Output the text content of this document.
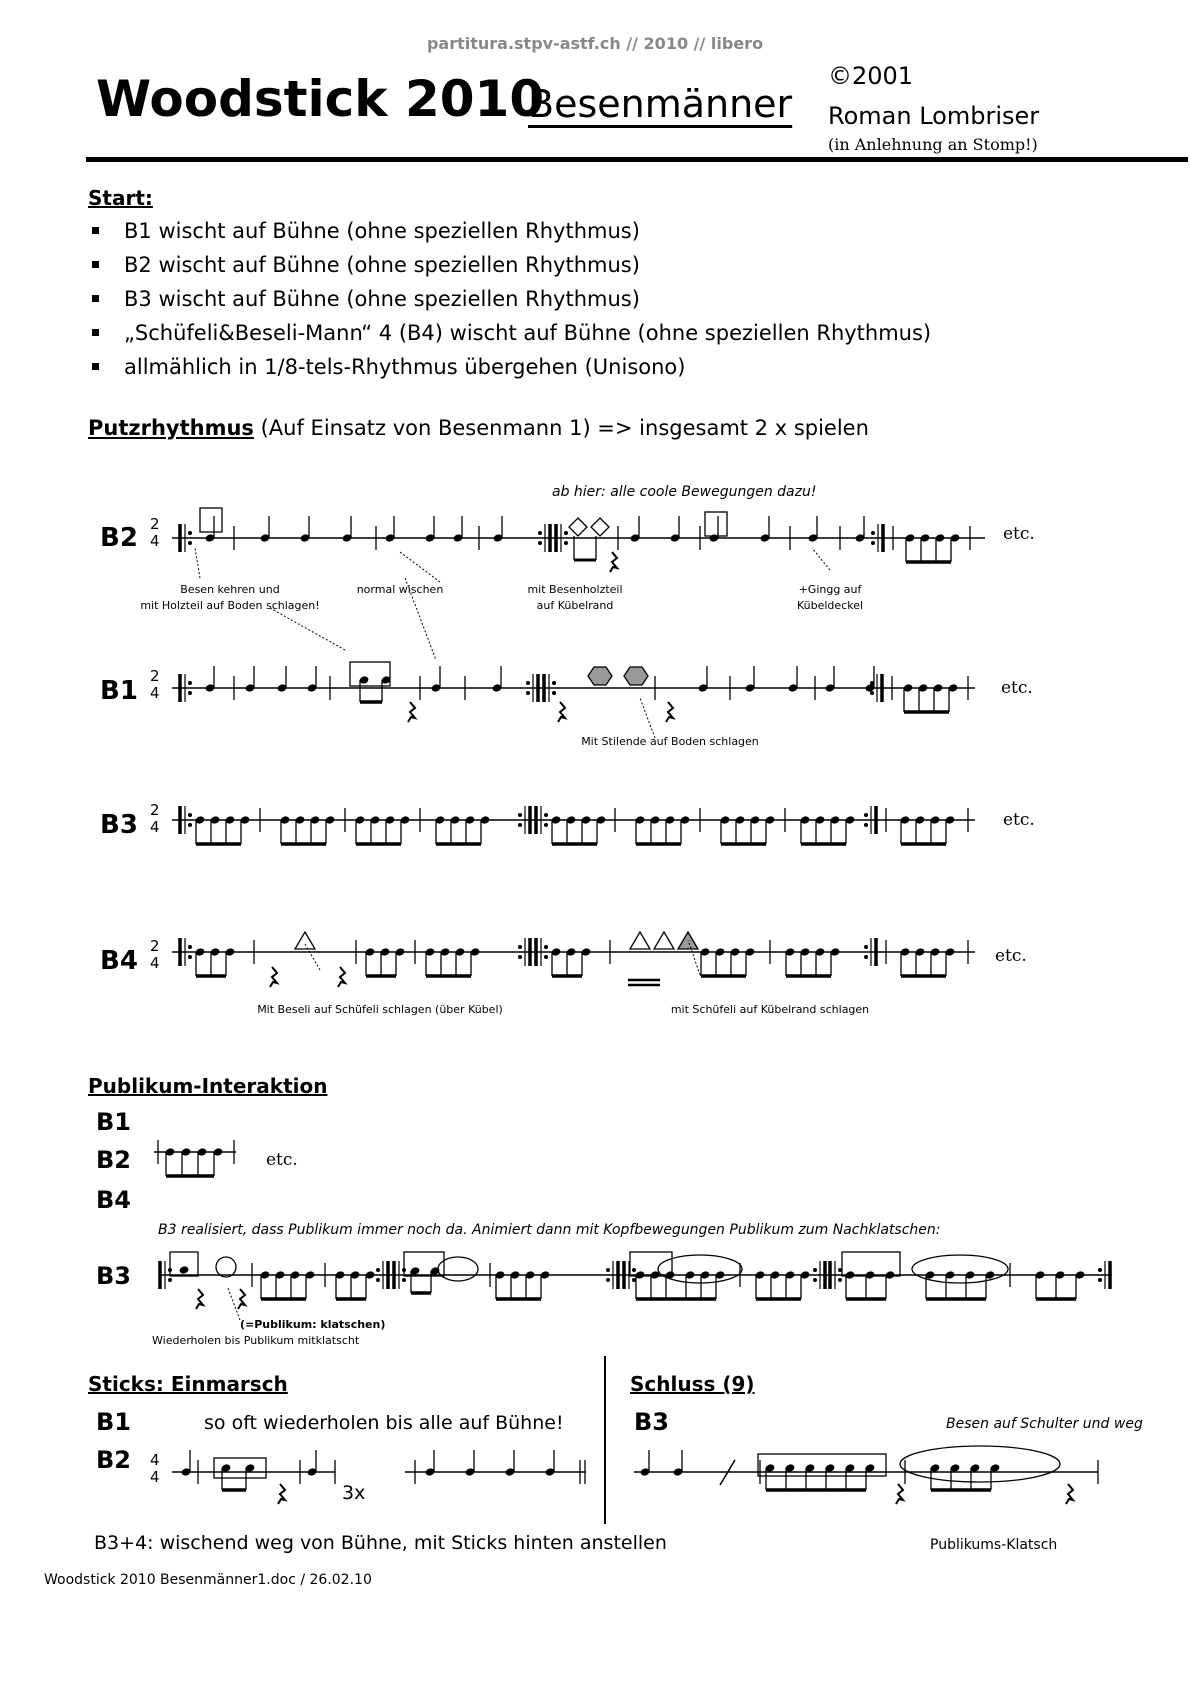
partitura.stpv-astf.ch // 2010 // libero
Woodstick 2010
Besenmänner
©2001
Roman Lombriser
(in Anlehnung an Stomp!)
Start:
B1 wischt auf Bühne (ohne speziellen Rhythmus)
B2 wischt auf Bühne (ohne speziellen Rhythmus)
B3 wischt auf Bühne (ohne speziellen Rhythmus)
„Schüfeli&Beseli-Mann“ 4 (B4) wischt auf Bühne (ohne speziellen Rhythmus)
allmählich in 1/8-tels-Rhythmus übergehen (Unisono)
Putzrhythmus (Auf Einsatz von Besenmann 1) => insgesamt 2 x spielen
ab hier: alle coole Bewegungen dazu!
B2
B1
B3
B4
2
4
2
4
2
4
2
4
Besen kehren und
mit Holzteil auf Boden schlagen!
normal wischen	mit Besenholzteil
auf Kübelrand
+Gingg auf
Kübeldeckel
Mit Stilende auf Boden schlagen
Mit Beseli auf Schüfeli schlagen (über Kübel)	mit Schüfeli auf Kübelrand schlagen
etc.
etc.
etc.
etc.
Publikum-Interaktion
B1
B2
B4
etc.
B3 realisiert, dass Publikum immer noch da. Animiert dann mit Kopfbewegungen Publikum zum Nachklatschen:
B3
(=Publikum: klatschen)
Wiederholen bis Publikum mitklatscht
Sticks: Einmarsch
B1
B2
so oft wiederholen bis alle auf Bühne!
4
4
3x
B3+4: wischend weg von Bühne, mit Sticks hinten anstellen
Schluss (9)
B3	Besen auf Schulter und weg
Publikums-Klatsch
Woodstick 2010 Besenmänner1.doc / 26.02.10
